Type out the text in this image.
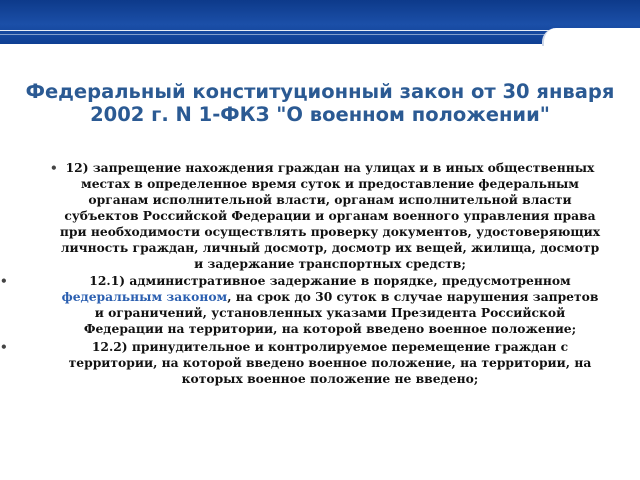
Федеральный конституционный закон от 30 января 2002 г. N 1-ФКЗ "О военном положении"
• 12) запрещение нахождения граждан на улицах и в иных общественных местах в определенное время суток и предоставление федеральным органам исполнительной власти, органам исполнительной власти субъектов Российской Федерации и органам военного управления права при необходимости осуществлять проверку документов, удостоверяющих личность граждан, личный досмотр, досмотр их вещей, жилища, досмотр и задержание транспортных средств;
•	12.1) административное задержание в порядке, предусмотренном федеральным законом, на срок до 30 суток в случае нарушения запретов и ограничений, установленных указами Президента Российской Федерации на территории, на которой введено военное положение;
•	12.2) принудительное и контролируемое перемещение граждан с территории, на которой введено военное положение, на территории, на которых военное положение не введено;
